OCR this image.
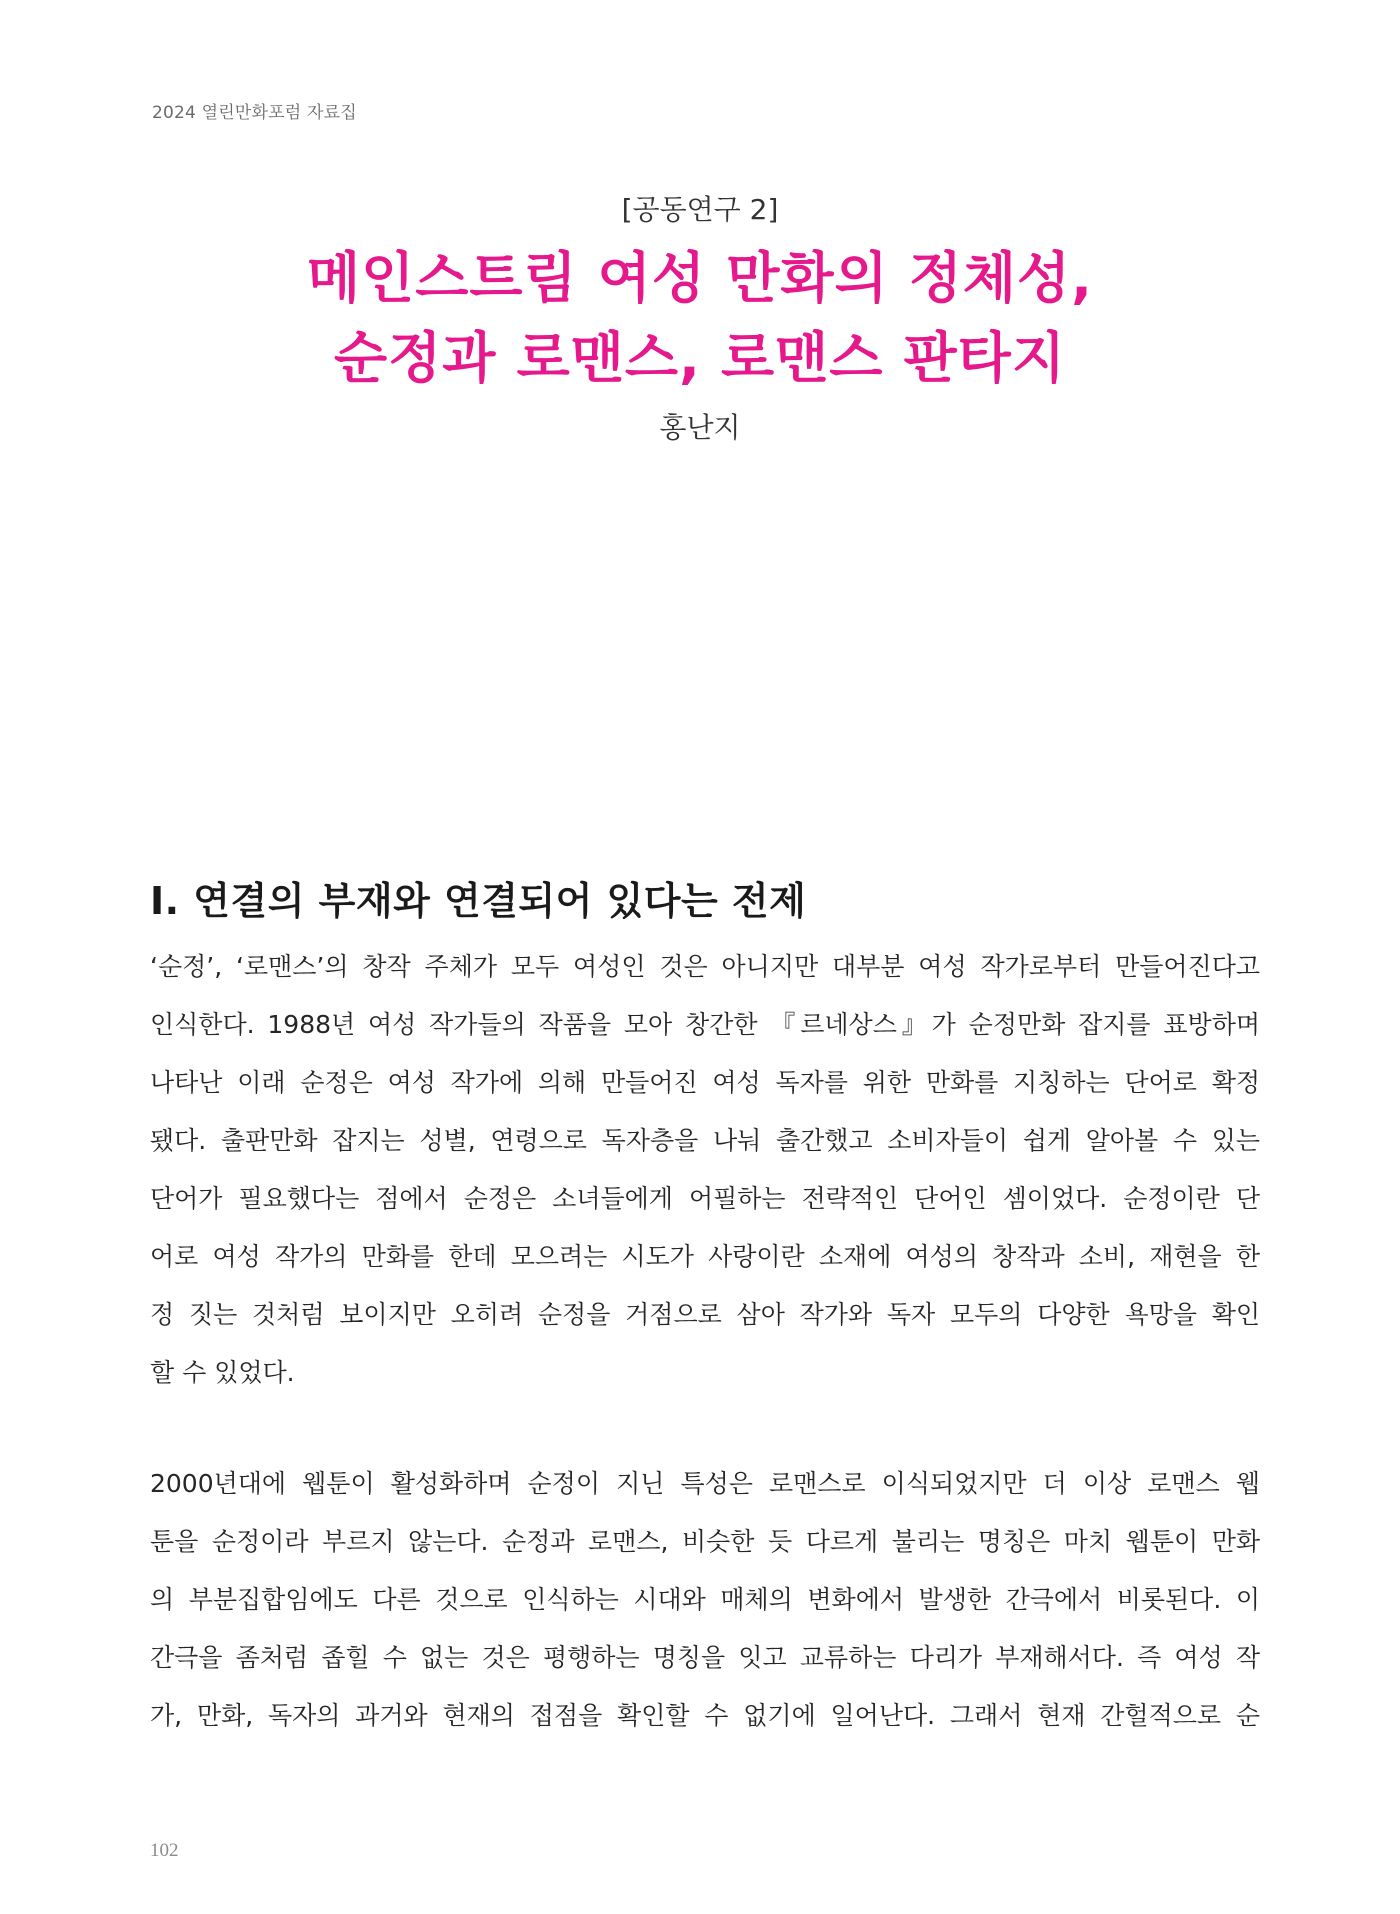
2024 열린만화포럼 자료집

[공동연구 2]

메인스트림 여성 만화의 정체성,
순정과 로맨스, 로맨스 판타지
홍난지
Ⅰ. 연결의 부재와 연결되어 있다는 전제
‘순정’, ‘로맨스’의 창작 주체가 모두 여성인 것은 아니지만 대부분 여성 작가로부터 만들어진다고
인식한다. 1988년 여성 작가들의 작품을 모아 창간한 『르네상스』가 순정만화 잡지를 표방하며
나타난 이래 순정은 여성 작가에 의해 만들어진 여성 독자를 위한 만화를 지칭하는 단어로 확정
됐다. 출판만화 잡지는 성별, 연령으로 독자층을 나눠 출간했고 소비자들이 쉽게 알아볼 수 있는
단어가 필요했다는 점에서 순정은 소녀들에게 어필하는 전략적인 단어인 셈이었다. 순정이란 단
어로 여성 작가의 만화를 한데 모으려는 시도가 사랑이란 소재에 여성의 창작과 소비, 재현을 한
정 짓는 것처럼 보이지만 오히려 순정을 거점으로 삼아 작가와 독자 모두의 다양한 욕망을 확인
할 수 있었다.
2000년대에 웹툰이 활성화하며 순정이 지닌 특성은 로맨스로 이식되었지만 더 이상 로맨스 웹
툰을 순정이라 부르지 않는다. 순정과 로맨스, 비슷한 듯 다르게 불리는 명칭은 마치 웹툰이 만화
의 부분집합임에도 다른 것으로 인식하는 시대와 매체의 변화에서 발생한 간극에서 비롯된다. 이
간극을 좀처럼 좁힐 수 없는 것은 평행하는 명칭을 잇고 교류하는 다리가 부재해서다. 즉 여성 작
가, 만화, 독자의 과거와 현재의 접점을 확인할 수 없기에 일어난다. 그래서 현재 간헐적으로 순
102
